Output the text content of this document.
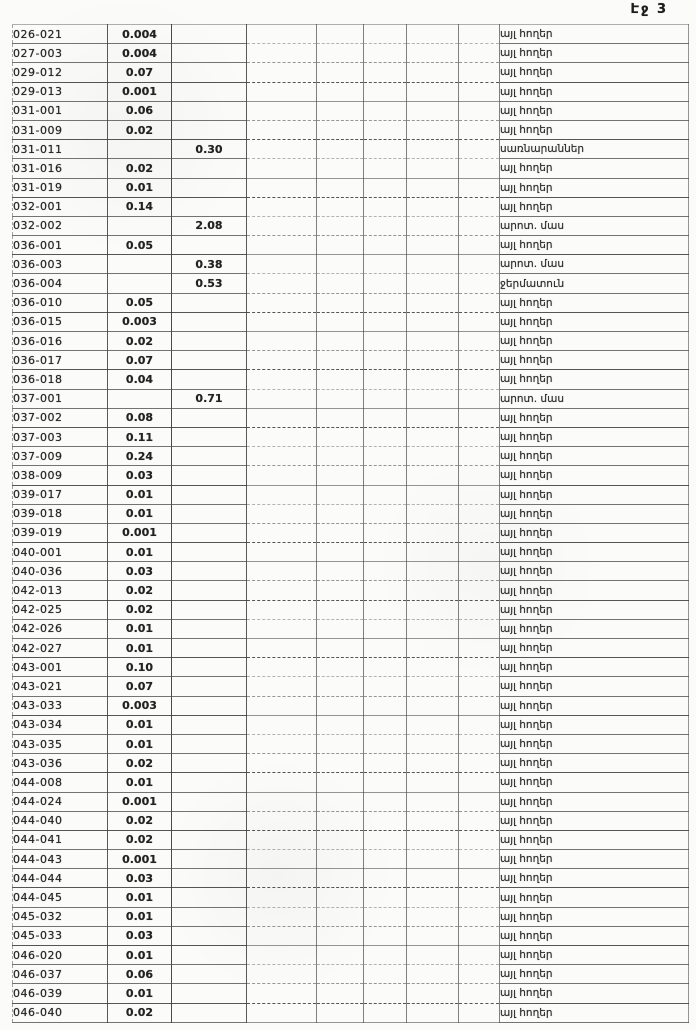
Էջ 3
026-021	0.004							այլ հողեր
027-003	0.004							այլ հողեր
029-012	0.07							այլ հողեր
029-013	0.001							այլ հողեր
031-001	0.06							այլ հողեր
031-009	0.02							այլ հողեր
031-011		0.30						սառնարաններ
031-016	0.02							այլ հողեր
031-019	0.01							այլ հողեր
032-001	0.14							այլ հողեր
032-002		2.08						արոտ. մաս
036-001	0.05							այլ հողեր
036-003		0.38						արոտ. մաս
036-004		0.53						ջերմատուն
036-010	0.05							այլ հողեր
036-015	0.003							այլ հողեր
036-016	0.02							այլ հողեր
036-017	0.07							այլ հողեր
036-018	0.04							այլ հողեր
037-001		0.71						արոտ. մաս
037-002	0.08							այլ հողեր
037-003	0.11							այլ հողեր
037-009	0.24							այլ հողեր
038-009	0.03							այլ հողեր
039-017	0.01							այլ հողեր
039-018	0.01							այլ հողեր
039-019	0.001							այլ հողեր
040-001	0.01							այլ հողեր
040-036	0.03							այլ հողեր
042-013	0.02							այլ հողեր
042-025	0.02							այլ հողեր
042-026	0.01							այլ հողեր
042-027	0.01							այլ հողեր
043-001	0.10							այլ հողեր
043-021	0.07							այլ հողեր
043-033	0.003							այլ հողեր
043-034	0.01							այլ հողեր
043-035	0.01							այլ հողեր
043-036	0.02							այլ հողեր
044-008	0.01							այլ հողեր
044-024	0.001							այլ հողեր
044-040	0.02							այլ հողեր
044-041	0.02							այլ հողեր
044-043	0.001							այլ հողեր
044-044	0.03							այլ հողեր
044-045	0.01							այլ հողեր
045-032	0.01							այլ հողեր
045-033	0.03							այլ հողեր
046-020	0.01							այլ հողեր
046-037	0.06							այլ հողեր
046-039	0.01							այլ հողեր
046-040	0.02							այլ հողեր
